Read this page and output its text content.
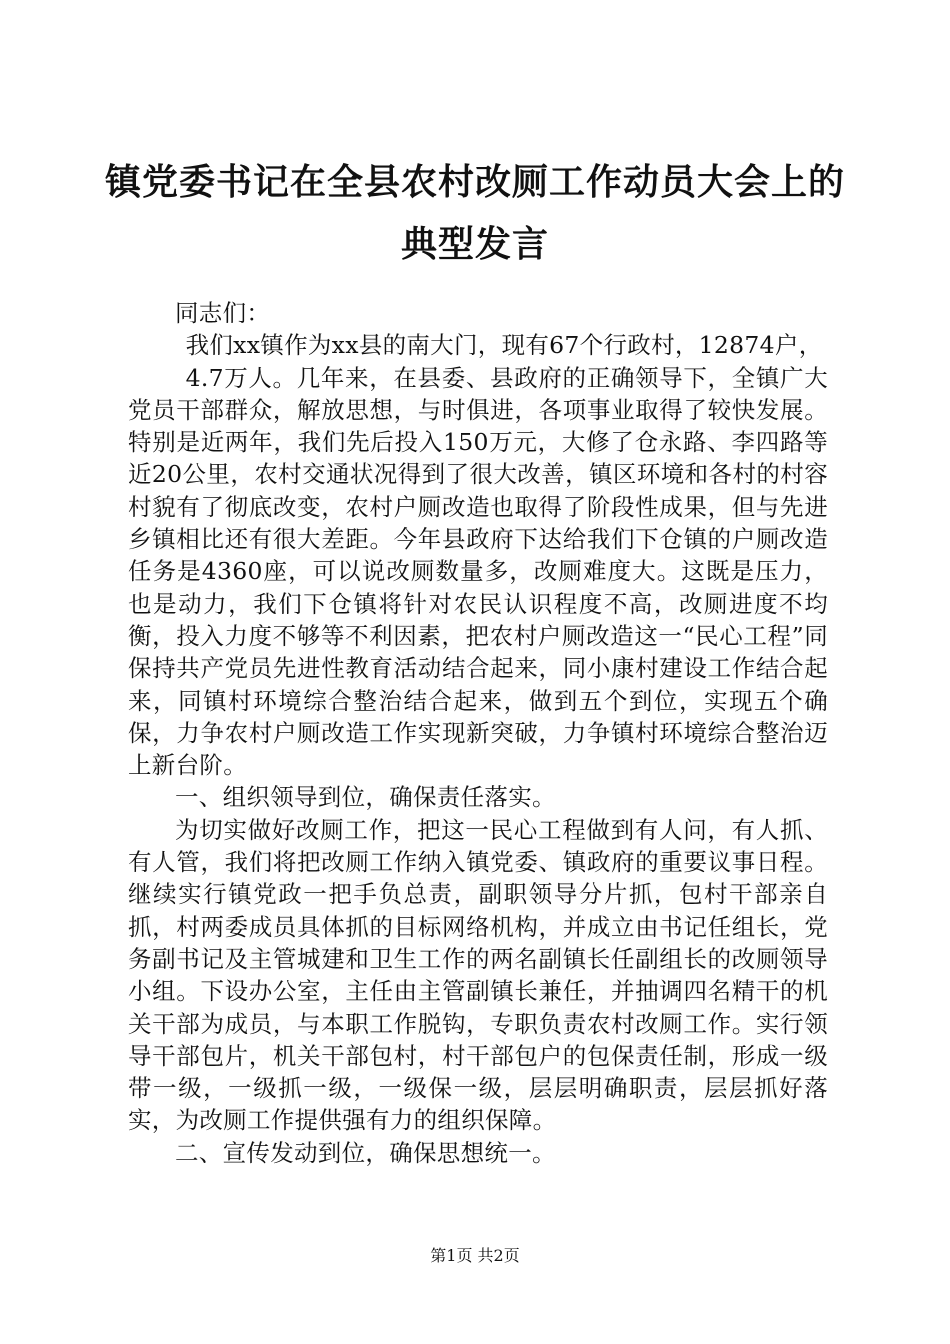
镇党委书记在全县农村改厕工作动员大会上的
典型发言

同志们：

我们xx镇作为xx县的南大门，现有67个行政村，12874户，

4.7万人。几年来，在县委、县政府的正确领导下，全镇广大党员干部群众，解放思想，与时俱进，各项事业取得了较快发展。特别是近两年，我们先后投入150万元，大修了仓永路、李四路等近20公里，农村交通状况得到了很大改善，镇区环境和各村的村容村貌有了彻底改变，农村户厕改造也取得了阶段性成果，但与先进乡镇相比还有很大差距。今年县政府下达给我们下仓镇的户厕改造任务是4360座，可以说改厕数量多，改厕难度大。这既是压力，也是动力，我们下仓镇将针对农民认识程度不高，改厕进度不均衡，投入力度不够等不利因素，把农村户厕改造这一“民心工程”同保持共产党员先进性教育活动结合起来，同小康村建设工作结合起来，同镇村环境综合整治结合起来，做到五个到位，实现五个确保，力争农村户厕改造工作实现新突破，力争镇村环境综合整治迈上新台阶。

一、组织领导到位，确保责任落实。

为切实做好改厕工作，把这一民心工程做到有人问，有人抓、有人管，我们将把改厕工作纳入镇党委、镇政府的重要议事日程。继续实行镇党政一把手负总责，副职领导分片抓，包村干部亲自抓，村两委成员具体抓的目标网络机构，并成立由书记任组长，党务副书记及主管城建和卫生工作的两名副镇长任副组长的改厕领导小组。下设办公室，主任由主管副镇长兼任，并抽调四名精干的机关干部为成员，与本职工作脱钩，专职负责农村改厕工作。实行领导干部包片，机关干部包村，村干部包户的包保责任制，形成一级带一级，一级抓一级，一级保一级，层层明确职责，层层抓好落实，为改厕工作提供强有力的组织保障。

二、宣传发动到位，确保思想统一。

第1页 共2页
